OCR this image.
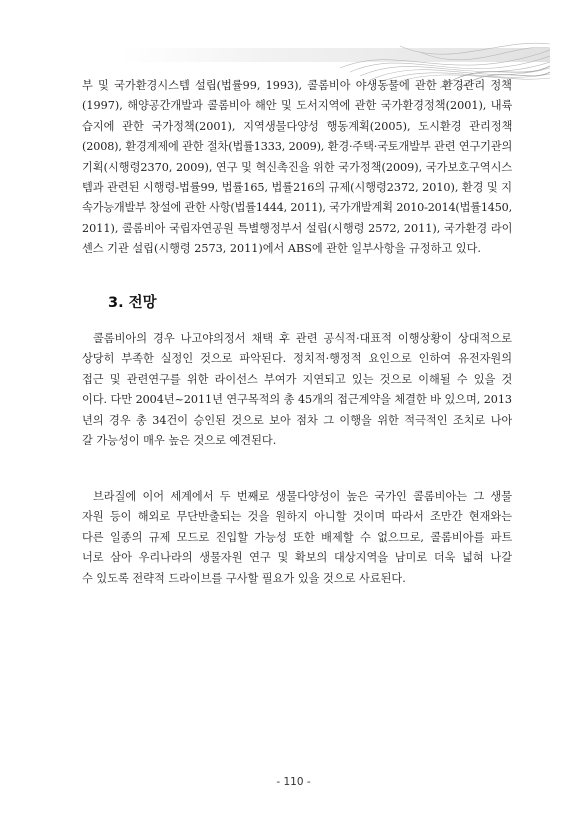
부 및 국가환경시스템 설립(법률99, 1993), 콜롬비아 야생동물에 관한 환경관리 정책
(1997), 해양공간개발과 콜롬비아 해안 및 도서지역에 관한 국가환경정책(2001), 내륙
습지에 관한 국가정책(2001), 지역생물다양성 행동계획(2005), 도시환경 관리정책
(2008), 환경계제에 관한 절차(법률1333, 2009), 환경·주택·국토개발부 관련 연구기관의
기획(시행령2370, 2009), 연구 및 혁신촉진을 위한 국가정책(2009), 국가보호구역시스
템과 관련된 시행령-법률99, 법률165, 법률216의 규제(시행령2372, 2010), 환경 및 지
속가능개발부 창설에 관한 사항(법률1444, 2011), 국가개발계획 2010-2014(법률1450,
2011), 콜롬비아 국립자연공원 특별행정부서 설립(시행령 2572, 2011), 국가환경 라이
센스 기관 설립(시행령 2573, 2011)에서 ABS에 관한 일부사항을 규정하고 있다.

3. 전망

콜롬비아의 경우 나고야의정서 채택 후 관련 공식적·대표적 이행상황이 상대적으로
상당히 부족한 실정인 것으로 파악된다. 정치적·행정적 요인으로 인하여 유전자원의
접근 및 관련연구를 위한 라이선스 부여가 지연되고 있는 것으로 이해될 수 있을 것
이다. 다만 2004년~2011년 연구목적의 총 45개의 접근계약을 체결한 바 있으며, 2013
년의 경우 총 34건이 승인된 것으로 보아 점차 그 이행을 위한 적극적인 조치로 나아
갈 가능성이 매우 높은 것으로 예견된다.

브라질에 이어 세계에서 두 번째로 생물다양성이 높은 국가인 콜롬비아는 그 생물
자원 등이 해외로 무단반출되는 것을 원하지 아니할 것이며 따라서 조만간 현재와는
다른 일종의 규제 모드로 진입할 가능성 또한 배제할 수 없으므로, 콜롬비아를 파트
너로 삼아 우리나라의 생물자원 연구 및 확보의 대상지역을 남미로 더욱 넓혀 나갈
수 있도록 전략적 드라이브를 구사할 필요가 있을 것으로 사료된다.

- 110 -
